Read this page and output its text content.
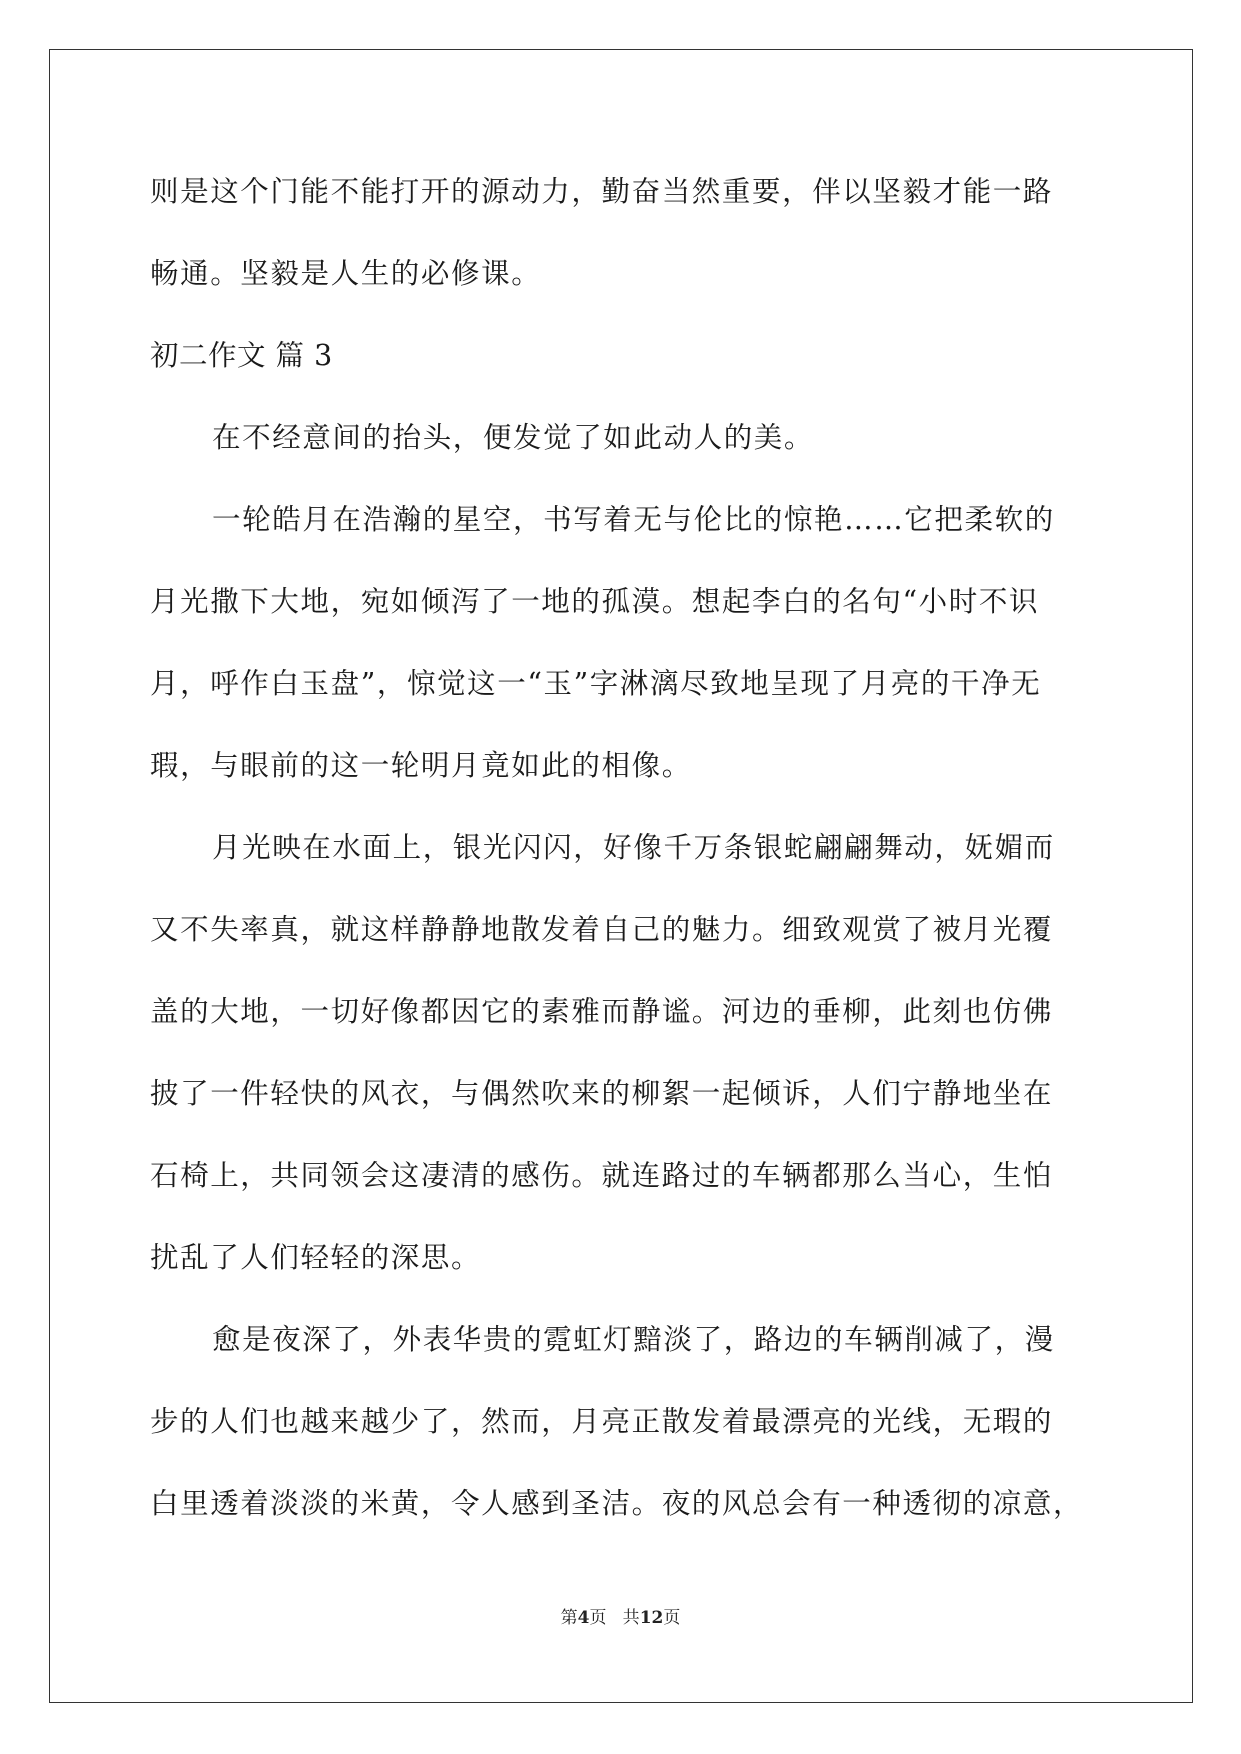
则是这个门能不能打开的源动力，勤奋当然重要，伴以坚毅才能一路
畅通。坚毅是人生的必修课。
初二作文 篇 3
在不经意间的抬头，便发觉了如此动人的美。
一轮皓月在浩瀚的星空，书写着无与伦比的惊艳……它把柔软的
月光撒下大地，宛如倾泻了一地的孤漠。想起李白的名句“小时不识
月，呼作白玉盘”，惊觉这一“玉”字淋漓尽致地呈现了月亮的干净无
瑕，与眼前的这一轮明月竟如此的相像。
月光映在水面上，银光闪闪，好像千万条银蛇翩翩舞动，妩媚而
又不失率真，就这样静静地散发着自己的魅力。细致观赏了被月光覆
盖的大地，一切好像都因它的素雅而静谧。河边的垂柳，此刻也仿佛
披了一件轻快的风衣，与偶然吹来的柳絮一起倾诉，人们宁静地坐在
石椅上，共同领会这凄清的感伤。就连路过的车辆都那么当心，生怕
扰乱了人们轻轻的深思。
愈是夜深了，外表华贵的霓虹灯黯淡了，路边的车辆削减了，漫
步的人们也越来越少了，然而，月亮正散发着最漂亮的光线，无瑕的
白里透着淡淡的米黄，令人感到圣洁。夜的风总会有一种透彻的凉意，
第4页   共12页
